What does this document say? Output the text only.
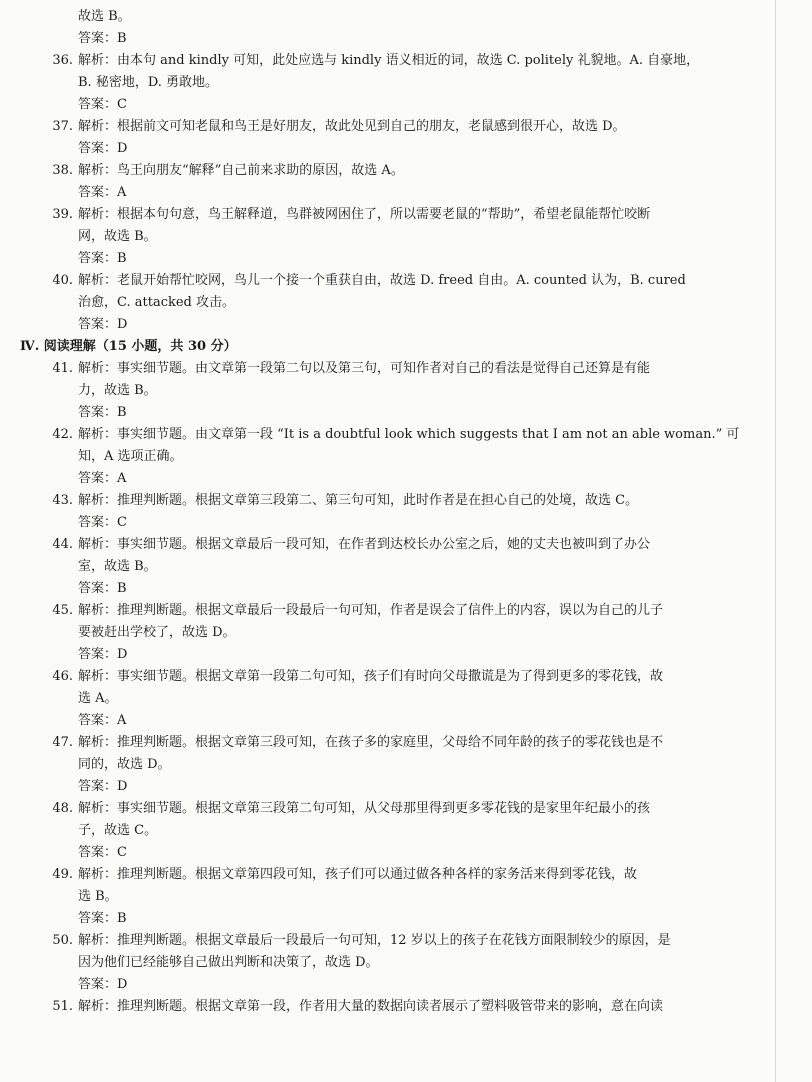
故选 B。
答案：B
36. 解析：由本句 and kindly 可知，此处应选与 kindly 语义相近的词，故选 C. politely 礼貌地。A. 自豪地，
B. 秘密地，D. 勇敢地。
答案：C
37. 解析：根据前文可知老鼠和鸟王是好朋友，故此处见到自己的朋友，老鼠感到很开心，故选 D。
答案：D
38. 解析：鸟王向朋友“解释”自己前来求助的原因，故选 A。
答案：A
39. 解析：根据本句句意，鸟王解释道，鸟群被网困住了，所以需要老鼠的“帮助”，希望老鼠能帮忙咬断
网，故选 B。
答案：B
40. 解析：老鼠开始帮忙咬网，鸟儿一个接一个重获自由，故选 D. freed 自由。A. counted 认为，B. cured
治愈，C. attacked 攻击。
答案：D
Ⅳ. 阅读理解（15 小题，共 30 分）
41. 解析：事实细节题。由文章第一段第二句以及第三句，可知作者对自己的看法是觉得自己还算是有能
力，故选 B。
答案：B
42. 解析：事实细节题。由文章第一段 “It is a doubtful look which suggests that I am not an able woman.” 可
知，A 选项正确。
答案：A
43. 解析：推理判断题。根据文章第三段第二、第三句可知，此时作者是在担心自己的处境，故选 C。
答案：C
44. 解析：事实细节题。根据文章最后一段可知，在作者到达校长办公室之后，她的丈夫也被叫到了办公
室，故选 B。
答案：B
45. 解析：推理判断题。根据文章最后一段最后一句可知，作者是误会了信件上的内容，误以为自己的儿子
要被赶出学校了，故选 D。
答案：D
46. 解析：事实细节题。根据文章第一段第二句可知，孩子们有时向父母撒谎是为了得到更多的零花钱，故
选 A。
答案：A
47. 解析：推理判断题。根据文章第三段可知，在孩子多的家庭里，父母给不同年龄的孩子的零花钱也是不
同的，故选 D。
答案：D
48. 解析：事实细节题。根据文章第三段第二句可知，从父母那里得到更多零花钱的是家里年纪最小的孩
子，故选 C。
答案：C
49. 解析：推理判断题。根据文章第四段可知，孩子们可以通过做各种各样的家务活来得到零花钱，故
选 B。
答案：B
50. 解析：推理判断题。根据文章最后一段最后一句可知，12 岁以上的孩子在花钱方面限制较少的原因，是
因为他们已经能够自己做出判断和决策了，故选 D。
答案：D
51. 解析：推理判断题。根据文章第一段，作者用大量的数据向读者展示了塑料吸管带来的影响，意在向读
